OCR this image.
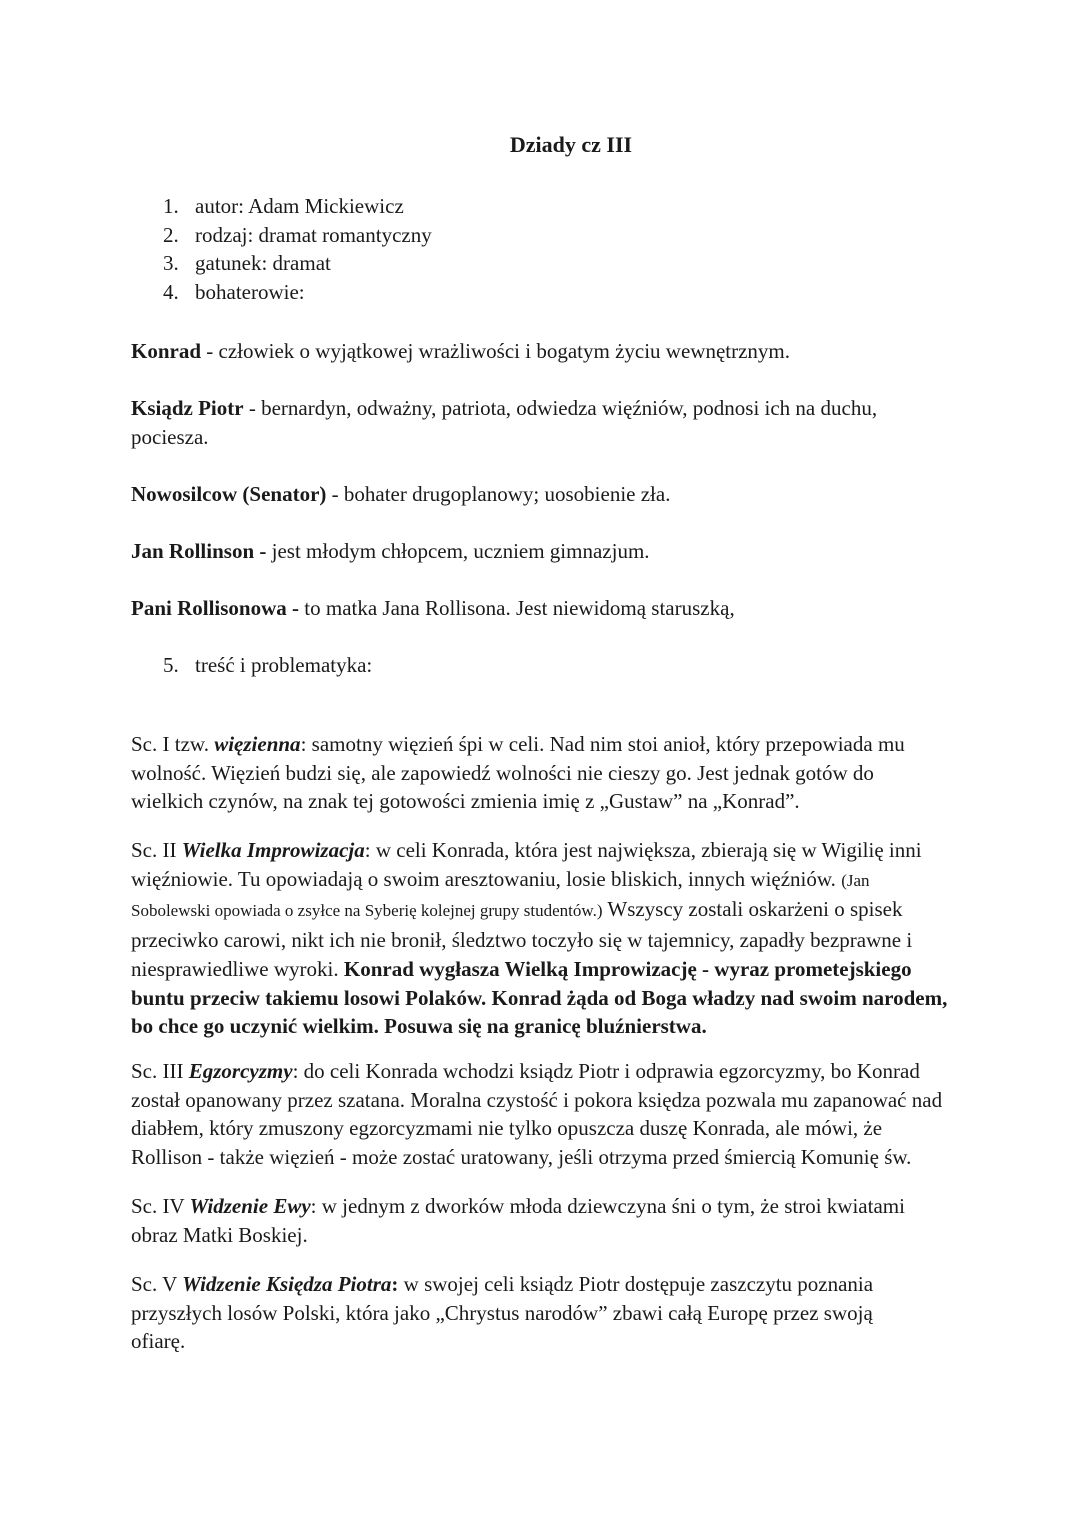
Dziady cz III
1. autor: Adam Mickiewicz
2. rodzaj: dramat romantyczny
3. gatunek: dramat
4. bohaterowie:

Konrad - człowiek o wyjątkowej wrażliwości i bogatym życiu wewnętrznym.

Ksiądz Piotr - bernardyn, odważny, patriota, odwiedza więźniów, podnosi ich na duchu, pociesza.

Nowosilcow (Senator) - bohater drugoplanowy; uosobienie zła.

Jan Rollinson - jest młodym chłopcem, uczniem gimnazjum.

Pani Rollisonowa - to matka Jana Rollisona. Jest niewidomą staruszką,

5. treść i problematyka:

Sc. I tzw. więzienna: samotny więzień śpi w celi. Nad nim stoi anioł, który przepowiada mu wolność. Więzień budzi się, ale zapowiedź wolności nie cieszy go. Jest jednak gotów do wielkich czynów, na znak tej gotowości zmienia imię z „Gustaw” na „Konrad”.

Sc. II Wielka Improwizacja: w celi Konrada, która jest największa, zbierają się w Wigilię inni więźniowie. Tu opowiadają o swoim aresztowaniu, losie bliskich, innych więźniów. (Jan Sobolewski opowiada o zsyłce na Syberię kolejnej grupy studentów.) Wszyscy zostali oskarżeni o spisek przeciwko carowi, nikt ich nie bronił, śledztwo toczyło się w tajemnicy, zapadły bezprawne i niesprawiedliwe wyroki. Konrad wygłasza Wielką Improwizację - wyraz prometejskiego buntu przeciw takiemu losowi Polaków. Konrad żąda od Boga władzy nad swoim narodem, bo chce go uczynić wielkim. Posuwa się na granicę bluźnierstwa.

Sc. III Egzorcyzmy: do celi Konrada wchodzi ksiądz Piotr i odprawia egzorcyzmy, bo Konrad został opanowany przez szatana. Moralna czystość i pokora księdza pozwala mu zapanować nad diabłem, który zmuszony egzorcyzmami nie tylko opuszcza duszę Konrada, ale mówi, że Rollison - także więzień - może zostać uratowany, jeśli otrzyma przed śmiercią Komunię św.

Sc. IV Widzenie Ewy: w jednym z dworków młoda dziewczyna śni o tym, że stroi kwiatami obraz Matki Boskiej.

Sc. V Widzenie Księdza Piotra: w swojej celi ksiądz Piotr dostępuje zaszczytu poznania przyszłych losów Polski, która jako „Chrystus narodów” zbawi całą Europę przez swoją ofiarę.
